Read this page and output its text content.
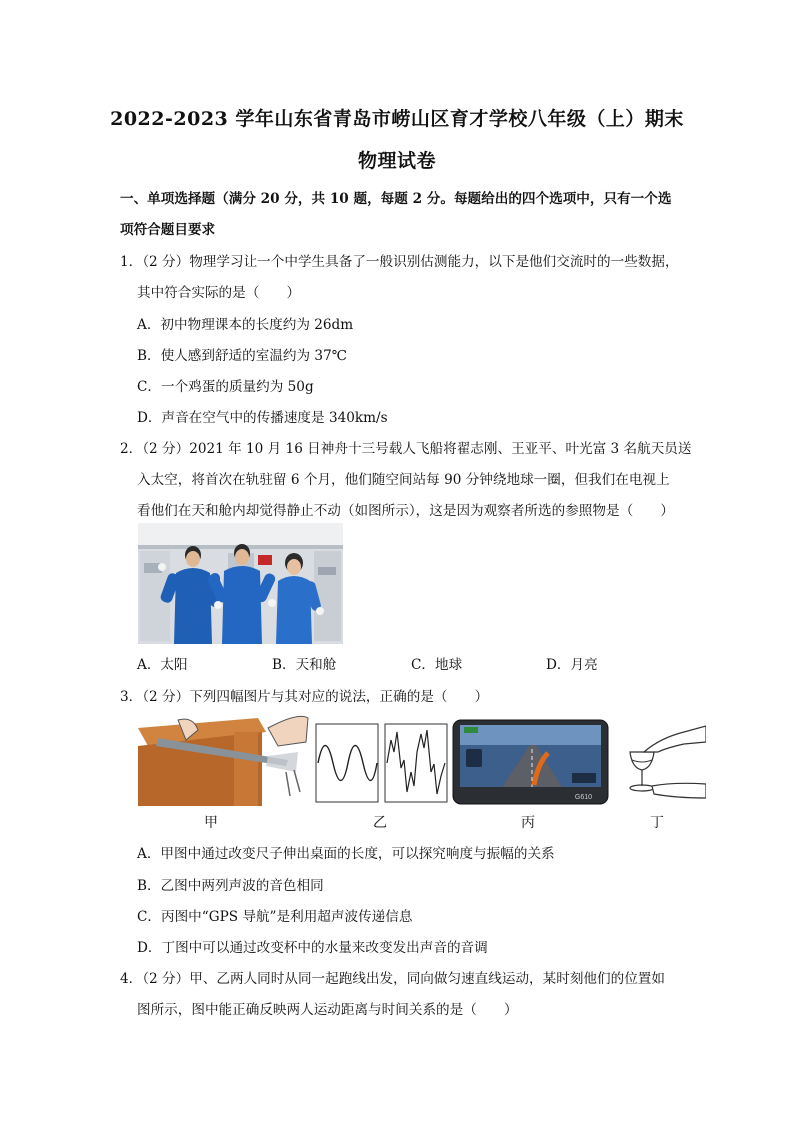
2022-2023 学年山东省青岛市崂山区育才学校八年级（上）期末
物理试卷
一、单项选择题（满分 20 分，共 10 题，每题 2 分。每题给出的四个选项中，只有一个选
项符合题目要求
1．（2 分）物理学习让一个中学生具备了一般识别估测能力，以下是他们交流时的一些数据，
其中符合实际的是（　　）
A．初中物理课本的长度约为 26dm
B．使人感到舒适的室温约为 37℃
C．一个鸡蛋的质量约为 50g
D．声音在空气中的传播速度是 340km/s
2．（2 分）2021 年 10 月 16 日神舟十三号载人飞船将翟志刚、王亚平、叶光富 3 名航天员送
入太空，将首次在轨驻留 6 个月，他们随空间站每 90 分钟绕地球一圈，但我们在电视上
看他们在天和舱内却觉得静止不动（如图所示），这是因为观察者所选的参照物是（　　）
A．太阳	B．天和舱	C．地球	D．月亮
3．（2 分）下列四幅图片与其对应的说法，正确的是（　　）
G610
甲	乙	丙	丁
A．甲图中通过改变尺子伸出桌面的长度，可以探究响度与振幅的关系
B．乙图中两列声波的音色相同
C．丙图中“GPS 导航”是利用超声波传递信息
D．丁图中可以通过改变杯中的水量来改变发出声音的音调
4．（2 分）甲、乙两人同时从同一起跑线出发，同向做匀速直线运动，某时刻他们的位置如
图所示，图中能正确反映两人运动距离与时间关系的是（　　）
